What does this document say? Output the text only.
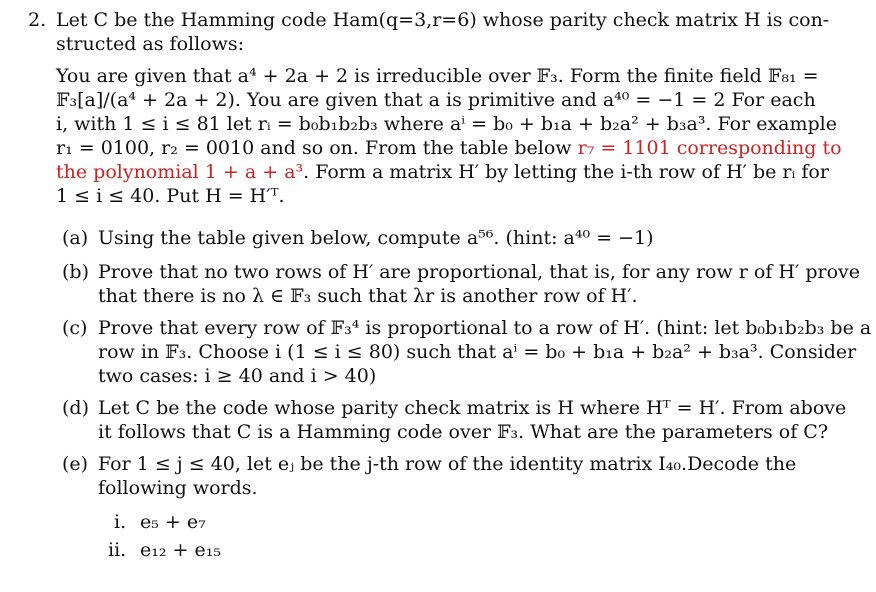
2. Let C be the Hamming code Ham(q=3,r=6) whose parity check matrix H is con-
structed as follows:
You are given that a⁴ + 2a + 2 is irreducible over 𝔽₃. Form the finite field 𝔽₈₁ =
𝔽₃[a]/(a⁴ + 2a + 2). You are given that a is primitive and a⁴⁰ = −1 = 2 For each
i, with 1 ≤ i ≤ 81 let rᵢ = b₀b₁b₂b₃ where aⁱ = b₀ + b₁a + b₂a² + b₃a³. For example
r₁ = 0100, r₂ = 0010 and so on. From the table below r₇ = 1101 corresponding to
the polynomial 1 + a + a³. Form a matrix H′ by letting the i-th row of H′ be rᵢ for
1 ≤ i ≤ 40. Put H = H′ᵀ.
(a) Using the table given below, compute a⁵⁶. (hint: a⁴⁰ = −1)
(b) Prove that no two rows of H′ are proportional, that is, for any row r of H′ prove
that there is no λ ∈ 𝔽₃ such that λr is another row of H′.
(c) Prove that every row of 𝔽₃⁴ is proportional to a row of H′. (hint: let b₀b₁b₂b₃ be a
row in 𝔽₃. Choose i (1 ≤ i ≤ 80) such that aⁱ = b₀ + b₁a + b₂a² + b₃a³. Consider
two cases: i ≥ 40 and i > 40)
(d) Let C be the code whose parity check matrix is H where Hᵀ = H′. From above
it follows that C is a Hamming code over 𝔽₃. What are the parameters of C?
(e) For 1 ≤ j ≤ 40, let eⱼ be the j-th row of the identity matrix I₄₀.Decode the
following words.
i. e₅ + e₇
ii. e₁₂ + e₁₅
